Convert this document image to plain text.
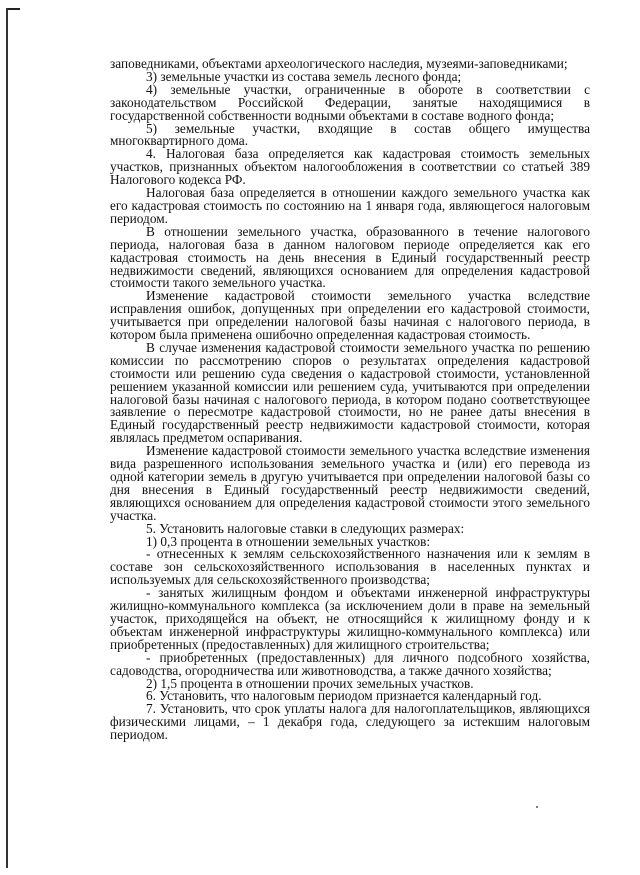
заповедниками, объектами археологического наследия, музеями-заповедниками;

3) земельные участки из состава земель лесного фонда;

4) земельные участки, ограниченные в обороте в соответствии с законодательством Российской Федерации, занятые находящимися в государственной собственности водными объектами в составе водного фонда;

5) земельные участки, входящие в состав общего имущества многоквартирного дома.

4. Налоговая база определяется как кадастровая стоимость земельных участков, признанных объектом налогообложения в соответствии со статьей 389 Налогового кодекса РФ.

Налоговая база определяется в отношении каждого земельного участка как его кадастровая стоимость по состоянию на 1 января года, являющегося налоговым периодом.

В отношении земельного участка, образованного в течение налогового периода, налоговая база в данном налоговом периоде определяется как его кадастровая стоимость на день внесения в Единый государственный реестр недвижимости сведений, являющихся основанием для определения кадастровой стоимости такого земельного участка.

Изменение кадастровой стоимости земельного участка вследствие исправления ошибок, допущенных при определении его кадастровой стоимости, учитывается при определении налоговой базы начиная с налогового периода, в котором была применена ошибочно определенная кадастровая стоимость.

В случае изменения кадастровой стоимости земельного участка по решению комиссии по рассмотрению споров о результатах определения кадастровой стоимости или решению суда сведения о кадастровой стоимости, установленной решением указанной комиссии или решением суда, учитываются при определении налоговой базы начиная с налогового периода, в котором подано соответствующее заявление о пересмотре кадастровой стоимости, но не ранее даты внесения в Единый государственный реестр недвижимости кадастровой стоимости, которая являлась предметом оспаривания.

Изменение кадастровой стоимости земельного участка вследствие изменения вида разрешенного использования земельного участка и (или) его перевода из одной категории земель в другую учитывается при определении налоговой базы со дня внесения в Единый государственный реестр недвижимости сведений, являющихся основанием для определения кадастровой стоимости этого земельного участка.

5. Установить налоговые ставки в следующих размерах:

1) 0,3 процента в отношении земельных участков:

- отнесенных к землям сельскохозяйственного назначения или к землям в составе зон сельскохозяйственного использования в населенных пунктах и используемых для сельскохозяйственного производства;

- занятых жилищным фондом и объектами инженерной инфраструктуры жилищно-коммунального комплекса (за исключением доли в праве на земельный участок, приходящейся на объект, не относящийся к жилищному фонду и к объектам инженерной инфраструктуры жилищно-коммунального комплекса) или приобретенных (предоставленных) для жилищного строительства;

- приобретенных (предоставленных) для личного подсобного хозяйства, садоводства, огородничества или животноводства, а также дачного хозяйства;

2) 1,5 процента в отношении прочих земельных участков.

6. Установить, что налоговым периодом признается календарный год.

7. Установить, что срок уплаты налога для налогоплательщиков, являющихся физическими лицами, – 1 декабря года, следующего за истекшим налоговым периодом.
